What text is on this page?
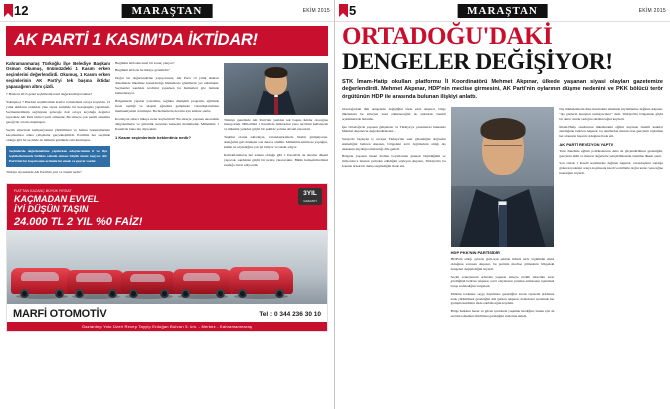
12	MARAŞTAN	EKİM 2015
AK PARTİ 1 KASIM'DA İKTİDAR!
Kahramanmaraş Türkoğlu İlçe Belediye Başkanı Osman Okumuş, önümüzdeki 1 Kasım erken seçimlerini değerlendirdi. Okumuş, 1 Kasım erken seçimlerinin AK Parti'yi tek başına iktidar yapacağının altını çizdi.
7 Haziran 2015 genel seçimlerini nasıl değerlendiriyorsunuz?
Yaklaşıkça 7 Haziran seçimlerinde konfor ivmelemesi ortaya koyuldu. 13 yıllık iktidarın ardından yine siyasi zeminde bir hesaplaşma yapılmadı. Seçmenlerimizin sağduyusu geleceğe dair ortaya koyduğu değerler sayesinde AK Parti birinci parti olmuştur. Bu süreçte çok partili sistemin gereği bir ortam oluşmuştur.
Seçim sürecinde kampanyaların yürütülmesi ve halkın beklentilerinin karşılanması adına çalışmalar gerçekleştirildi. Partimiz her seçimde olduğu gibi bu seçimde de milletin gönlünde taht kurmuştur.
Seçimlerde değerlendirme yapılırken adaylarımızın il ve ilçe teşkilatlarımızla birlikte sahada olması büyük önem taşıyor. AK Parti'nin bu başarısının ardında bu emek ve gayret vardır.
Türkiye siyasetinde AK Parti'nin yeri ve önemi nedir?
Bugünkü tablodan nasıl bir sonuç çıkıyor?
Bugünkü tabloda bu ülkeye gereklidir?
Doğru bir değerlendirme yapıyorsanız, AK Parti 13 yıllık iktidarı döneminde ülkemize kazandırdığı hizmetlerle gönüllerde yer edinmiştir. Seçmenler sandıkta tercihini yaparken bu hizmetleri göz önünde bulunduruyor.
Bölgemizde yapılan yatırımlar, sağlıkta dönüşüm programı, eğitimde fırsat eşitliği ve ulaşım ağındaki gelişmeler vatandaşlarımızın memnuniyetini artırmıştır. Bu hizmetlerin devamı için istikrar şarttır.
Koalisyon süreci ülkeye neler kaybettirdi? Bu süreçte yaşanan ekonomik dalgalanmalar ve güvenlik sorunları herkesin malumudur. Milletimiz 1 Kasım'da buna dur diyecektir.
1 Kasım seçimlerinde beklentiniz nedir?
Türkiye genelinde AK Parti'nin yeniden tek başına iktidar olacağına inanıyorum. Milletimiz 1 Kasım'da istikrardan yana tercihini kullanacak ve ülkemiz yeniden güçlü bir şekilde yoluna devam edecektir.
Teşkilat olarak sahadayız, vatandaşlarımızla birebir görüşüyoruz. Aldığımız geri dönüşler son derece olumlu. Milletimiz kimin ne yaptığını, kimin ne söylediğini çok iyi biliyor ve takdir ediyor.
Kahramanmaraş her zaman olduğu gibi 1 Kasım'da da üzerine düşeni yapacak, sandıktan güçlü bir netice çıkaracaktır. Bütün hemşehrilerimizi sandığa davet ediyorum.
FIAT'TAN KAZANÇ BÜYÜK FIRSAT
KAÇMADAN EVVEL
İYİ DÜŞÜN TAŞIN
24.000 TL 2 YIL %0 FAİZ!
3YIL
GARANTİ
MARFİ OTOMOTİV	Tel : 0 344 236 30 10
Gaziantep Yolu Üzeri Recep Tayyip Erdoğan Bulvarı 5. km. - Merkez - Kahramanmaraş
5	MARAŞTAN	EKİM 2015
ORTADOĞU'DAKİ
DENGELER DEĞİŞİYOR!
STK İmam-Hatip okulları platformu İl Koordinatörü Mehmet Akpınar, ülkede yaşanan siyasi olayları gazetemize değerlendirdi. Mehmet Akpınar, HDP'nin meclise girmesini, AK Parti'nin oylarının düşme nedenini ve PKK bölücü terör örgütünün HDP ile arasında bulunan ilişkiyi anlattı.

Ortadoğu'daki tüm dengelerin değiştiğini ifade eden Akpınar, bölge ülkelerinin bu süreçten nasıl etkileneceğini de anlatarak önemli açıklamalarda bulundu.

İşte Ortadoğu'da yaşanan gelişmeler ve Türkiye'ye yansımaları hakkında Mehmet Akpınar'ın değerlendirmeleri...

Suriye'de başlayan iç savaşın Türkiye'nin sınır güvenliğini doğrudan etkilediğini belirten Akpınar, bölgedeki terör örgütlerinin aldığı dış destekten duyduğu rahatsızlığı dile getirdi.

Bölgede yaşanan insani dramın boyutlarının giderek büyüdüğünü ve milyonlarca insanın yerinden edildiğini söyleyen Akpınar, Türkiye'nin bu konuda örnek bir duruş sergilediğini ifade etti.

HDP PKK'NIN PARTİSİDİR

HDP'nin aldığı oylarda gizli-açık şekilde bölücü terör örgütünün etkisi olduğunu savunan Akpınar, bu partinin meclise girmesinin bölgedeki dengeleri değiştirdiğini söyledi.

Seçim sonuçlarının ardından yaşanan süreçte çözüm sürecinin zarar gördüğünü belirten Akpınar, terör olaylarının yeniden artmasının toplumsal barışı zedelediğini vurguladı.

Milletin iradesine saygı duyulması gerektiğini ancak siyasetin şiddetten uzak yürütülmesi gerektiğini dile getiren Akpınar, demokrasi içerisinde her görüşün kendisini ifade edebileceğini kaydetti.

Bölge halkının huzur ve güven içerisinde yaşamak istediğini, bunun için de terörün tamamen bitirilmesi gerektiğini sözlerine ekledi.

Dış müdahalelerin ülke üzerindeki etkisinde söylemlerine değinen Akpınar, "dış güçlerin hesapları tutmayacaktır" dedi. Türkiye'nin bölgesinde güçlü bir aktör olarak varlığını sürdüreceğini kaydetti.

İmam-Hatip okullarının ülkemizdeki eğitim hayatına önemli katkılar sunduğunu belirten Akpınar, bu okullardan mezun olan gençlerin toplumun her alanında başarılı olduğunu ifade etti.

AK PARTİ REVİZYON YAPTI!

Yeni dönemde eğitim politikalarının daha da güçlendirilmesi gerektiğini, gençlerin milli ve manevi değerlerle yetiştirilmesinin önemine dikkat çekti.

Son olarak 1 Kasım seçimlerine değinen Akpınar, vatandaşların sandığa giderek iradesini ortaya koymasını istedi ve milletin doğru kararı vereceğine inandığını söyledi.
